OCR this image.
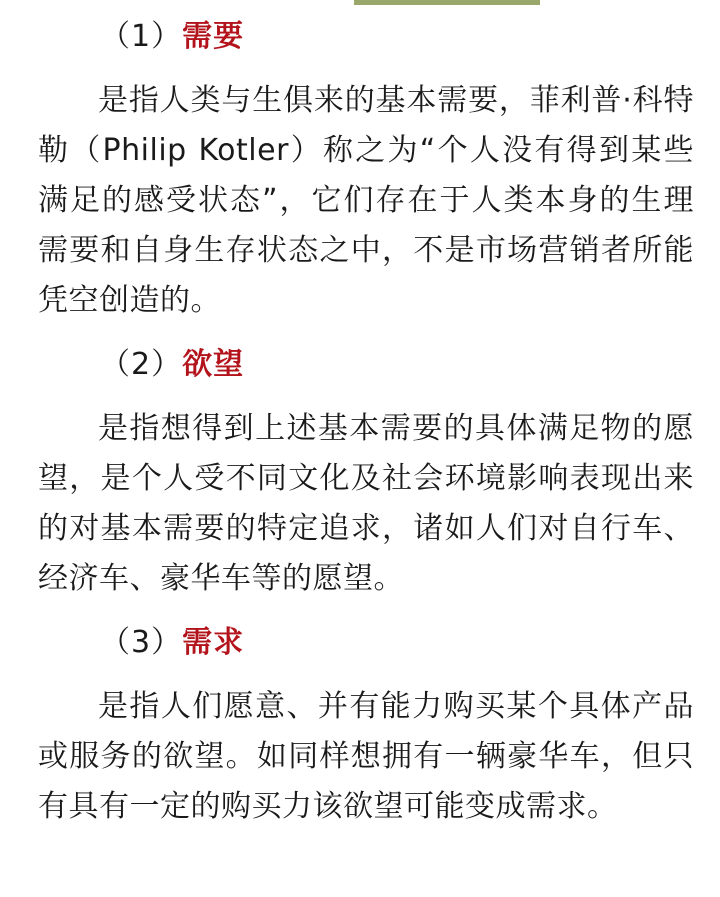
（1）需要

是指人类与生俱来的基本需要，菲利普·科特勒（Philip Kotler）称之为“个人没有得到某些满足的感受状态”，它们存在于人类本身的生理需要和自身生存状态之中，不是市场营销者所能凭空创造的。

（2）欲望

是指想得到上述基本需要的具体满足物的愿望，是个人受不同文化及社会环境影响表现出来的对基本需要的特定追求，诸如人们对自行车、经济车、豪华车等的愿望。

（3）需求

是指人们愿意、并有能力购买某个具体产品或服务的欲望。如同样想拥有一辆豪华车，但只有具有一定的购买力该欲望可能变成需求。
